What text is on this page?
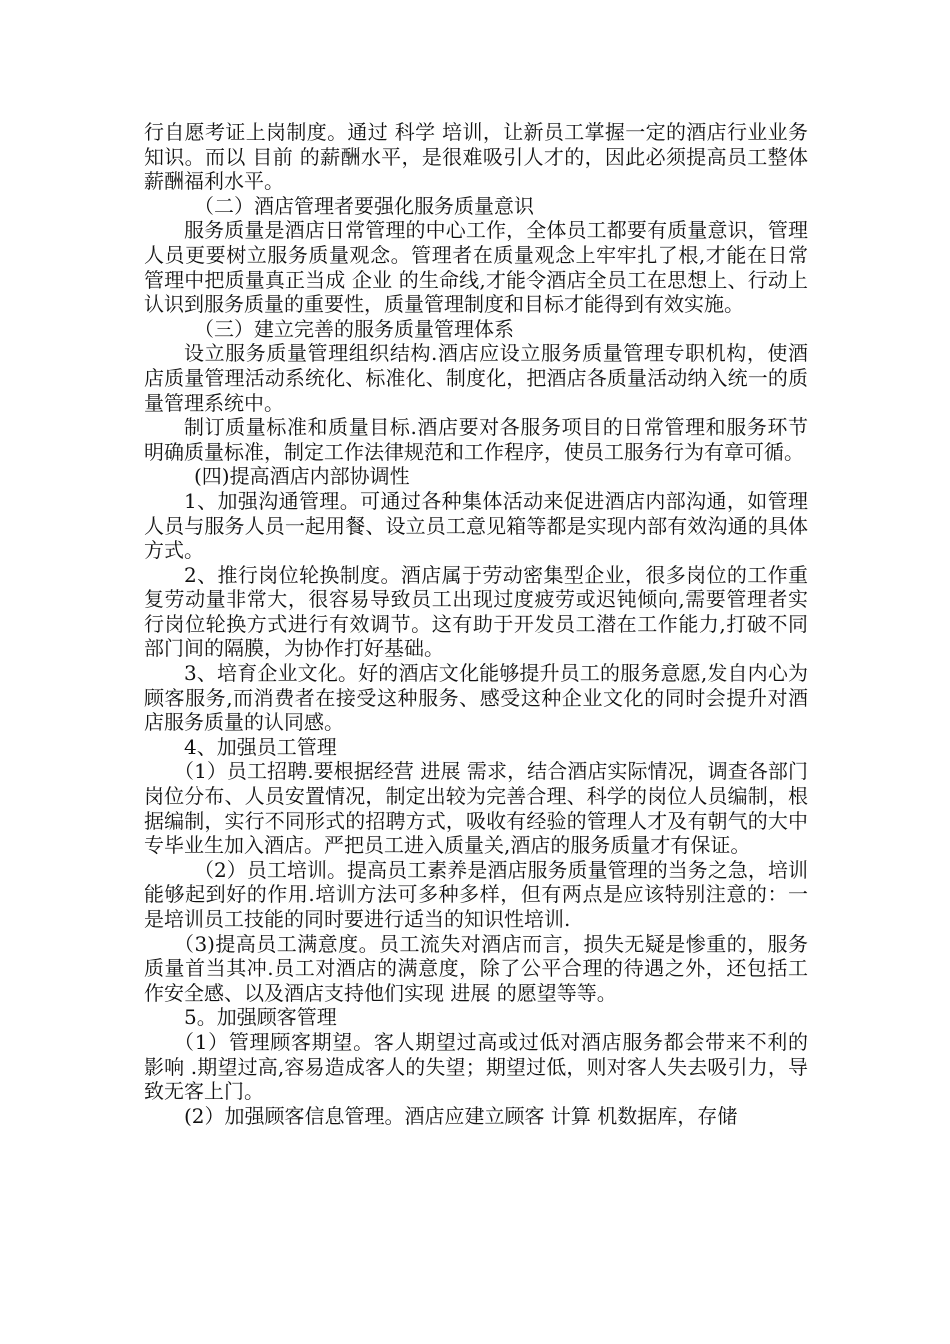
行自愿考证上岗制度。通过 科学 培训，让新员工掌握一定的酒店行业业务知识。而以 目前 的薪酬水平，是很难吸引人才的，因此必须提高员工整体薪酬福利水平。

（二）酒店管理者要强化服务质量意识

服务质量是酒店日常管理的中心工作，全体员工都要有质量意识，管理人员更要树立服务质量观念。管理者在质量观念上牢牢扎了根,才能在日常管理中把质量真正当成 企业 的生命线,才能令酒店全员工在思想上、行动上认识到服务质量的重要性，质量管理制度和目标才能得到有效实施。

（三）建立完善的服务质量管理体系

设立服务质量管理组织结构.酒店应设立服务质量管理专职机构，使酒店质量管理活动系统化、标准化、制度化，把酒店各质量活动纳入统一的质量管理系统中。

制订质量标准和质量目标.酒店要对各服务项目的日常管理和服务环节明确质量标准，制定工作法律规范和工作程序，使员工服务行为有章可循。

(四)提高酒店内部协调性

1、加强沟通管理。可通过各种集体活动来促进酒店内部沟通，如管理人员与服务人员一起用餐、设立员工意见箱等都是实现内部有效沟通的具体方式。

2、推行岗位轮换制度。酒店属于劳动密集型企业，很多岗位的工作重复劳动量非常大，很容易导致员工出现过度疲劳或迟钝倾向,需要管理者实行岗位轮换方式进行有效调节。这有助于开发员工潜在工作能力,打破不同部门间的隔膜，为协作打好基础。

3、培育企业文化。好的酒店文化能够提升员工的服务意愿,发自内心为顾客服务,而消费者在接受这种服务、感受这种企业文化的同时会提升对酒店服务质量的认同感。

4、加强员工管理

（1）员工招聘.要根据经营 进展 需求，结合酒店实际情况，调查各部门岗位分布、人员安置情况，制定出较为完善合理、科学的岗位人员编制，根据编制，实行不同形式的招聘方式，吸收有经验的管理人才及有朝气的大中专毕业生加入酒店。严把员工进入质量关,酒店的服务质量才有保证。

（2）员工培训。提高员工素养是酒店服务质量管理的当务之急，培训能够起到好的作用.培训方法可多种多样，但有两点是应该特别注意的：一是培训员工技能的同时要进行适当的知识性培训.

（3)提高员工满意度。员工流失对酒店而言，损失无疑是惨重的，服务质量首当其冲.员工对酒店的满意度，除了公平合理的待遇之外，还包括工作安全感、以及酒店支持他们实现 进展 的愿望等等。

5。加强顾客管理

（1）管理顾客期望。客人期望过高或过低对酒店服务都会带来不利的 影响 .期望过高,容易造成客人的失望；期望过低，则对客人失去吸引力，导致无客上门。

(2）加强顾客信息管理。酒店应建立顾客 计算 机数据库，存储
